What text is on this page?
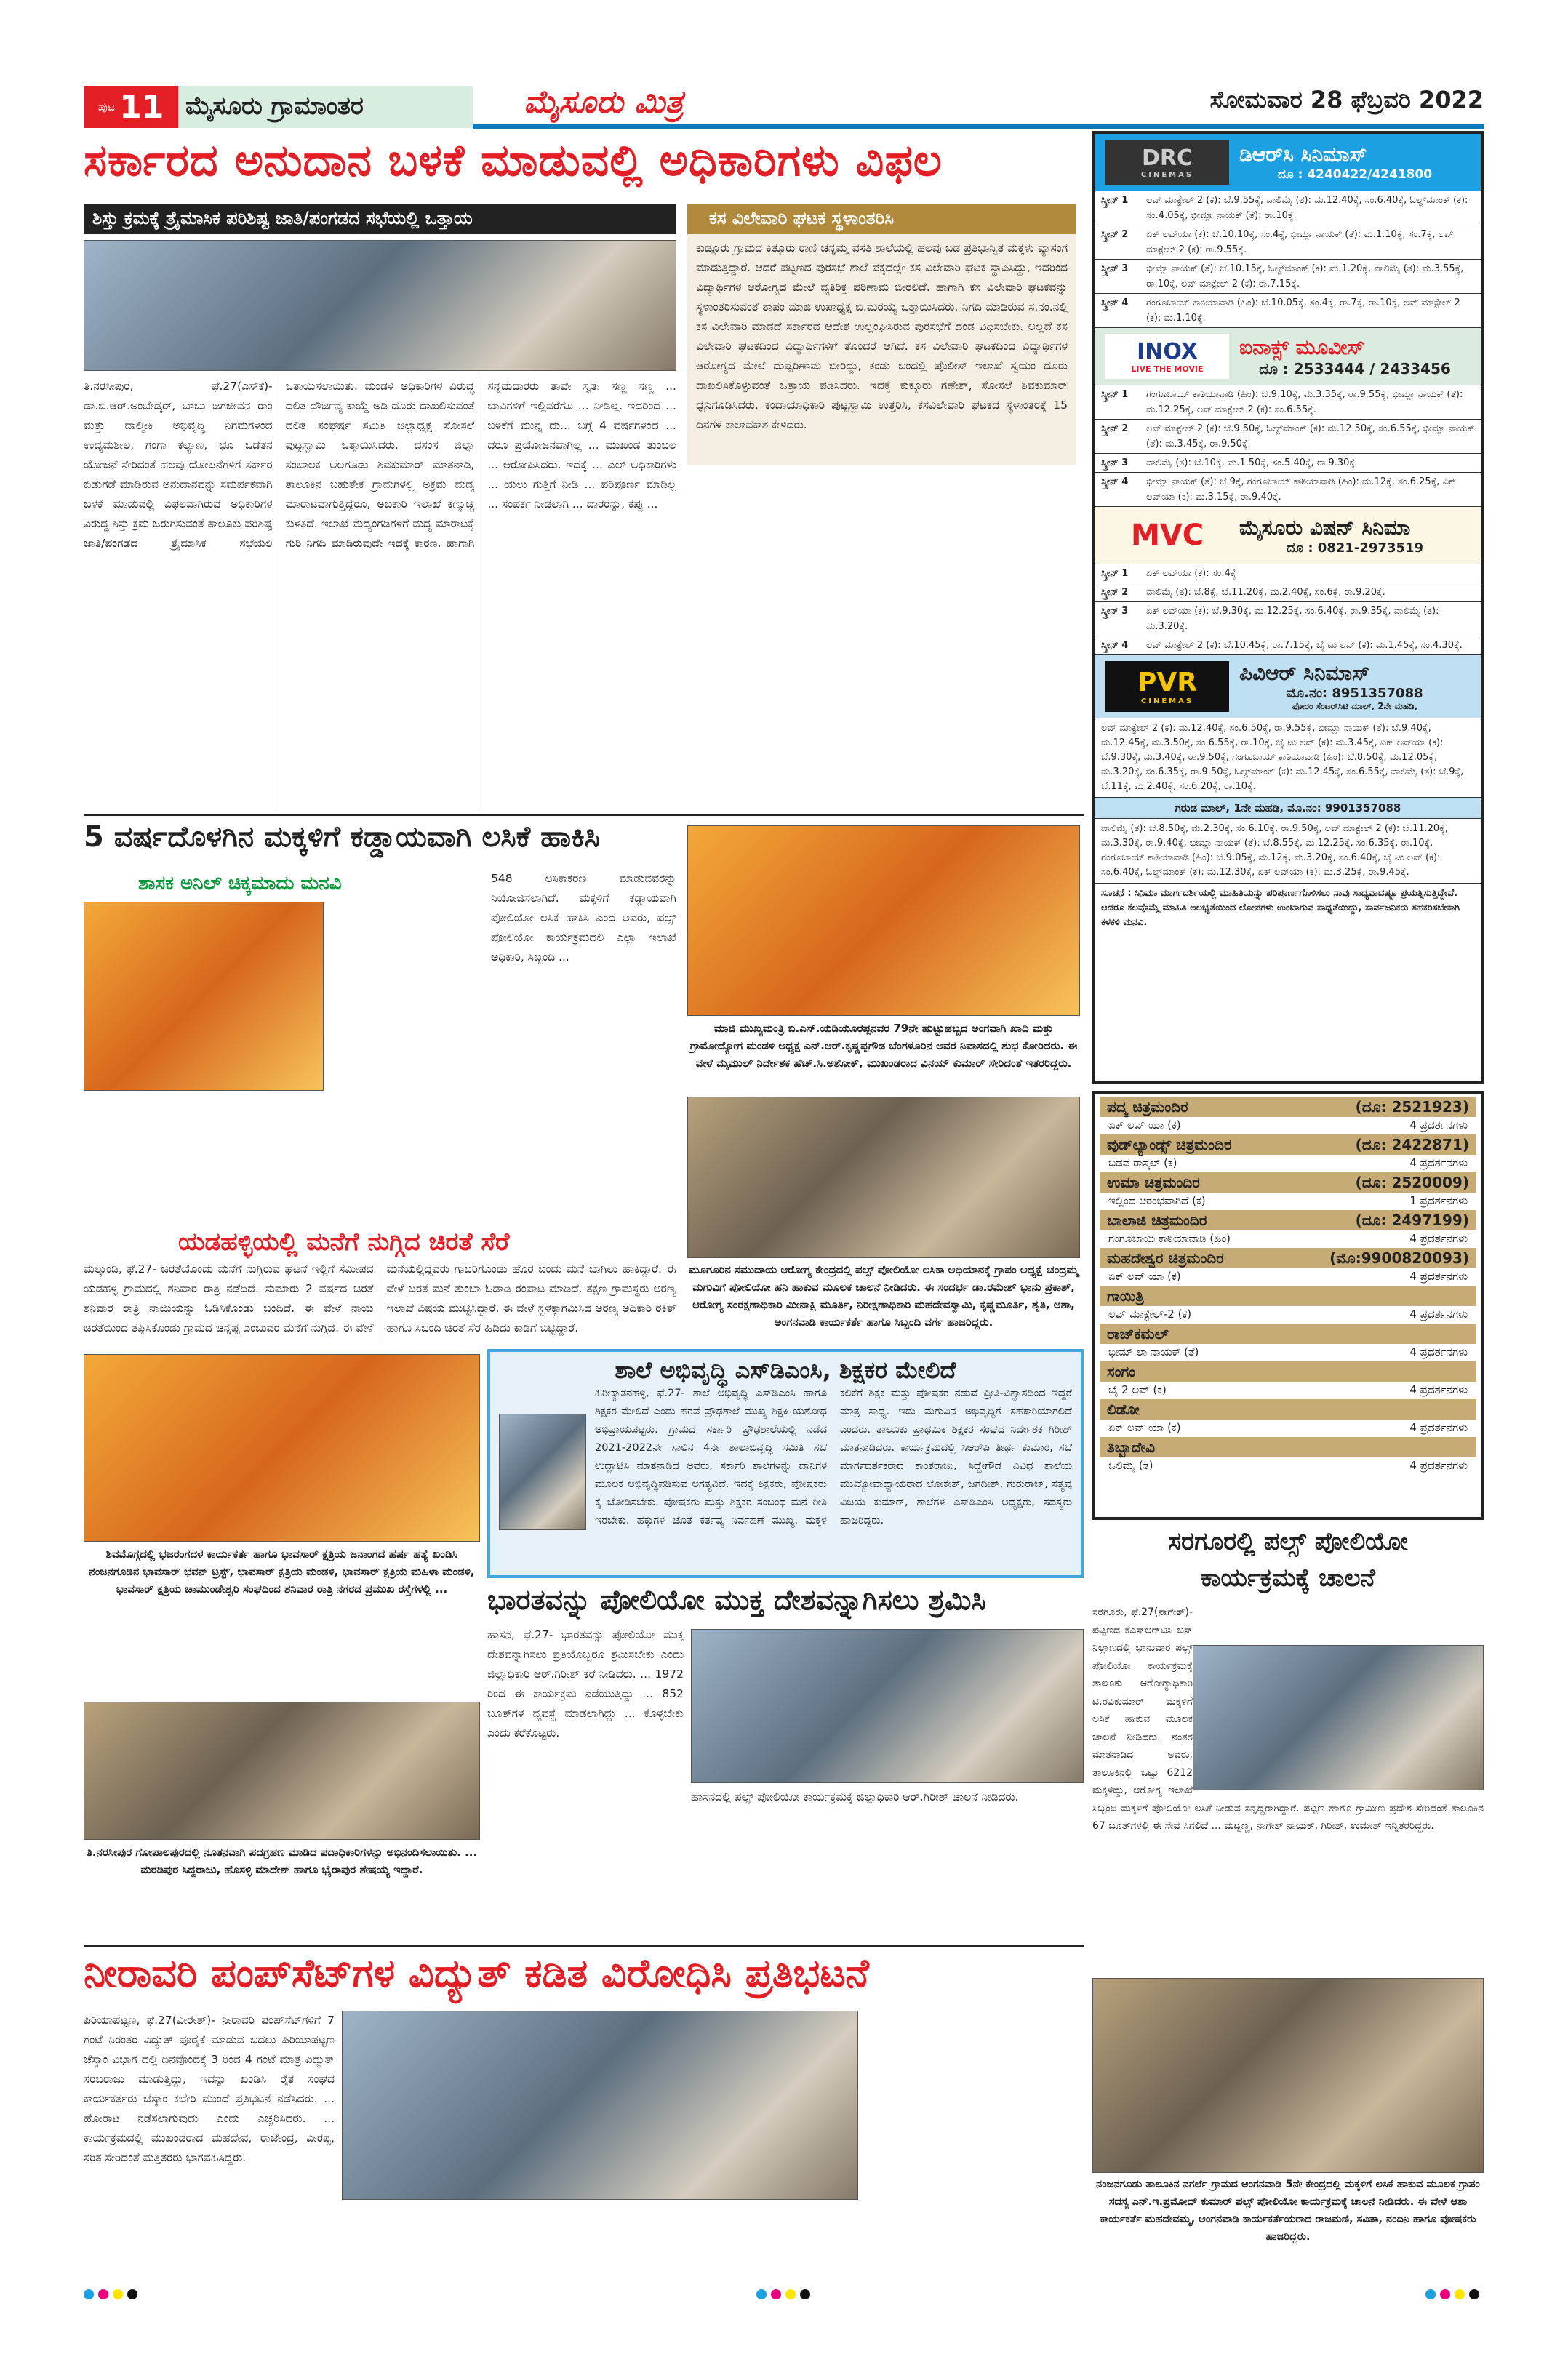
ಪುಟ 11 ಮೈಸೂರು ಗ್ರಾಮಾಂತರ	ಮೈಸೂರು ಮಿತ್ರ	ಸೋಮವಾರ 28 ಫೆಬ್ರವರಿ 2022
ಸರ್ಕಾರದ ಅನುದಾನ ಬಳಕೆ ಮಾಡುವಲ್ಲಿ ಅಧಿಕಾರಿಗಳು ವಿಫಲ
ಶಿಸ್ತು ಕ್ರಮಕ್ಕೆ ತ್ರೈಮಾಸಿಕ ಪರಿಶಿಷ್ಟ ಜಾತಿ/ಪಂಗಡದ ಸಭೆಯಲ್ಲಿ ಒತ್ತಾಯ
ತಿ.ನರಸೀಪುರ, ಫೆ.27(ಎಸ್‌ಕೆ)- ಡಾ.ಬಿ.ಆರ್.ಅಂಬೇಡ್ಕರ್, ಬಾಬು ಜಗಜೀವನ ರಾಂ ಮತ್ತು ವಾಲ್ಮೀಕಿ ಅಭಿವೃದ್ಧಿ ನಿಗಮಗಳಿಂದ ಉದ್ಯಮಶೀಲ, ಗಂಗಾ ಕಲ್ಯಾಣ, ಭೂ ಒಡೆತನ ಯೋಜನೆ ಸೇರಿದಂತೆ ಹಲವು ಯೋಜನೆಗಳಿಗೆ ಸರ್ಕಾರ ಬಿಡುಗಡೆ ಮಾಡಿರುವ ಅನುದಾನವನ್ನು ಸಮರ್ಪಕವಾಗಿ ಬಳಕೆ ಮಾಡುವಲ್ಲಿ ವಿಫಲವಾಗಿರುವ ಅಧಿಕಾರಿಗಳ ವಿರುದ್ಧ ಶಿಸ್ತು ಕ್ರಮ ಜರುಗಿಸುವಂತೆ ತಾಲೂಕು ಪರಿಶಿಷ್ಟ ಜಾತಿ/ಪಂಗಡದ ತ್ರೈಮಾಸಿಕ ಸಭೆಯಲಿ ಒತಾಯಿಸಲಾಯಿತು. ಮಂಡಳಿ ಅಧಿಕಾರಿಗಳ ವಿರುದ್ಧ ದಲಿತ ದೌರ್ಜನ್ಯ ಕಾಯ್ದೆ ಅಡಿ ದೂರು ದಾಖಲಿಸುವಂತೆ ದಲಿತ ಸಂಘರ್ಷ ಸಮಿತಿ ಜಿಲ್ಲಾಧ್ಯಕ್ಷ ಸೋಸಲೆ ಪುಟ್ಟಸ್ವಾಮಿ ಒತ್ತಾಯಿಸಿದರು. ದಸಂಸ ಜಿಲ್ಲಾ ಸಂಚಾಲಕ ಅಲಗೂಡು ಶಿವಕುಮಾರ್ ಮಾತನಾಡಿ, ತಾಲೂಕಿನ ಬಹುತೇಕ ಗ್ರಾಮಗಳಲ್ಲಿ ಅಕ್ರಮ ಮದ್ಯ ಮಾರಾಟವಾಗುತ್ತಿದ್ದರೂ, ಅಬಕಾರಿ ಇಲಾಖೆ ಕಣ್ಮುಚ್ಚಿ ಕುಳಿತಿದೆ. ಇಲಾಖೆ ಮದ್ಯಂಗಡಿಗಳಿಗೆ ಮದ್ಯ ಮಾರಾಟಕ್ಕೆ ಗುರಿ ನಿಗದಿ ಮಾಡಿರುವುದೇ ಇದಕ್ಕೆ ಕಾರಣ. ಹಾಗಾಗಿ ಸನ್ನದುದಾರರು ತಾವೇ ಸ್ವತಃ ಸಣ್ಣ ಸಣ್ಣ ... ಬಾವಿಗಳಿಗೆ ಇಲ್ಲಿವರೆಗೂ ... ನೀಡಿಲ್ಲ. ಇದರಿಂದ ... ಬಳಕೆಗೆ ಮುನ್ನ ದು... ಬಗ್ಗೆ 4 ವರ್ಷಗಳಿಂದ ... ದರೂ ಪ್ರಯೋಜನವಾಗಿಲ್ಲ ... ಮುಖಂಡ ತುಂಬಲ ... ಆರೋಪಿಸಿದರು. ಇದಕ್ಕೆ ... ಎಲ್ ಅಧಿಕಾರಿಗಳು ... ಯಲು ಗುತ್ತಿಗೆ ನೀಡಿ ... ಪರಿಪೂರ್ಣ ಮಾಡಿಲ್ಲ ... ಸಂಪರ್ಕ ನೀಡಲಾಗಿ ... ದಾರರನ್ನು, ಕಪ್ಪು ...
ಕಸ ವಿಲೇವಾರಿ ಘಟಕ ಸ್ಥಳಾಂತರಿಸಿ
ಕುಡ್ಲೂರು ಗ್ರಾಮದ ಕಿತ್ತೂರು ರಾಣಿ ಚನ್ನಮ್ಮ ವಸತಿ ಶಾಲೆಯಲ್ಲಿ ಹಲವು ಬಡ ಪ್ರತಿಭಾನ್ವಿತ ಮಕ್ಕಳು ವ್ಯಾಸಂಗ ಮಾಡುತ್ತಿದ್ದಾರೆ. ಆದರೆ ಪಟ್ಟಣದ ಪುರಸಭೆ ಶಾಲೆ ಪಕ್ಕದಲ್ಲೇ ಕಸ ವಿಲೇವಾರಿ ಘಟಕ ಸ್ಥಾಪಿಸಿದ್ದು, ಇದರಿಂದ ವಿದ್ಯಾರ್ಥಿಗಳ ಆರೋಗ್ಯದ ಮೇಲೆ ವ್ಯತಿರಿಕ್ತ ಪರಿಣಾಮ ಬೀರಲಿದೆ. ಹಾಗಾಗಿ ಕಸ ವಿಲೇವಾರಿ ಘಟಕವನ್ನು ಸ್ಥಳಾಂತರಿಸುವಂತೆ ತಾಪಂ ಮಾಜಿ ಉಪಾಧ್ಯಕ್ಷ ಬಿ.ಮರಯ್ಯ ಒತ್ತಾಯಿಸಿದರು. ನಿಗದಿ ಮಾಡಿರುವ ಸ.ನಂ.ನಲ್ಲಿ ಕಸ ವಿಲೇವಾರಿ ಮಾಡದೆ ಸರ್ಕಾರದ ಆದೇಶ ಉಲ್ಲಂಘಿಸಿರುವ ಪುರಸಭೆಗೆ ದಂಡ ವಿಧಿಸಬೇಕು. ಅಲ್ಲದೆ ಕಸ ವಿಲೇವಾರಿ ಘಟಕದಿಂದ ವಿದ್ಯಾರ್ಥಿಗಳಿಗೆ ತೊಂದರೆ ಆಗಿದೆ. ಕಸ ವಿಲೇವಾರಿ ಘಟಕದಿಂದ ವಿದ್ಯಾರ್ಥಿಗಳ ಆರೋಗ್ಯದ ಮೇಲೆ ದುಷ್ಪರಿಣಾಮ ಬೀರಿದ್ದು, ಕಂಡು ಬಂದಲ್ಲಿ ಪೊಲೀಸ್ ಇಲಾಖೆ ಸ್ವಯಂ ದೂರು ದಾಖಲಿಸಿಕೊಳ್ಳುವಂತೆ ಒತ್ತಾಯ ಪಡಿಸಿದರು. ಇದಕ್ಕೆ ಕುಕ್ಕೂರು ಗಣೇಶ್, ಸೋಸಲೆ ಶಿವಕುಮಾರ್ ಧ್ವನಿಗೂಡಿಸಿದರು. ಕಂದಾಯಾಧಿಕಾರಿ ಪುಟ್ಟಸ್ವಾಮಿ ಉತ್ತರಿಸಿ, ಕಸವಿಲೇವಾರಿ ಘಟಕದ ಸ್ಥಳಾಂತರಕ್ಕೆ 15 ದಿನಗಳ ಕಾಲಾವಕಾಶ ಕೇಳಿದರು.
5 ವರ್ಷದೊಳಗಿನ ಮಕ್ಕಳಿಗೆ ಕಡ್ಡಾಯವಾಗಿ ಲಸಿಕೆ ಹಾಕಿಸಿ
ಶಾಸಕ ಅನಿಲ್ ಚಿಕ್ಕಮಾದು ಮನವಿ	548 ಲಸಿಕಾಕರಣ ಮಾಡುವವರನ್ನು ನಿಯೋಜಿಸಲಾಗಿದೆ. ಮಕ್ಕಳಿಗೆ ಕಡ್ಡಾಯವಾಗಿ ಪೋಲಿಯೋ ಲಸಿಕೆ ಹಾಕಿಸಿ ಎಂದ ಅವರು, ಪಲ್ಸ್ ಪೋಲಿಯೋ ಕಾರ್ಯಕ್ರಮದಲಿ ಎಲ್ಲಾ ಇಲಾಖೆ ಅಧಿಕಾರಿ, ಸಿಬ್ಬಂದಿ ...
ಮಾಜಿ ಮುಖ್ಯಮಂತ್ರಿ ಬಿ.ಎಸ್.ಯಡಿಯೂರಪ್ಪನವರ 79ನೇ ಹುಟ್ಟುಹಬ್ಬದ ಅಂಗವಾಗಿ ಖಾದಿ ಮತ್ತು ಗ್ರಾಮೋದ್ಯೋಗ ಮಂಡಳಿ ಅಧ್ಯಕ್ಷ ಎನ್.ಆರ್.ಕೃಷ್ಣಪ್ಪಗೌಡ ಬೆಂಗಳೂರಿನ ಅವರ ನಿವಾಸದಲ್ಲಿ ಶುಭ ಕೋರಿದರು. ಈ ವೇಳೆ ಮೈಮುಲ್ ನಿರ್ದೇಶಕ ಹೆಚ್.ಸಿ.ಅಶೋಕ್, ಮುಖಂಡರಾದ ವಿನಯ್ ಕುಮಾರ್ ಸೇರಿದಂತೆ ಇತರರಿದ್ದರು.
ಮೂಗೂರಿನ ಸಮುದಾಯ ಆರೋಗ್ಯ ಕೇಂದ್ರದಲ್ಲಿ ಪಲ್ಸ್ ಪೋಲಿಯೋ ಲಸಿಕಾ ಅಭಿಯಾನಕ್ಕೆ ಗ್ರಾಪಂ ಅಧ್ಯಕ್ಷೆ ಚಂದ್ರಮ್ಮ ಮಗುವಿಗೆ ಪೋಲಿಯೋ ಹನಿ ಹಾಕುವ ಮೂಲಕ ಚಾಲನೆ ನೀಡಿದರು. ಈ ಸಂದರ್ಭ ಡಾ.ರಮೇಶ್ ಭಾನು ಪ್ರಕಾಶ್, ಆರೋಗ್ಯ ಸಂರಕ್ಷಣಾಧಿಕಾರಿ ಮೀನಾಕ್ಷಿ ಮೂರ್ತಿ, ನಿರೀಕ್ಷಣಾಧಿಕಾರಿ ಮಹದೇವಸ್ವಾಮಿ, ಕೃಷ್ಣಮೂರ್ತಿ, ಶೃತಿ, ಆಶಾ, ಅಂಗನವಾಡಿ ಕಾರ್ಯಕರ್ತೆ ಹಾಗೂ ಸಿಬ್ಬಂದಿ ವರ್ಗ ಹಾಜರಿದ್ದರು.
ಯಡಹಳ್ಳಿಯಲ್ಲಿ ಮನೆಗೆ ನುಗ್ಗಿದ ಚಿರತೆ ಸೆರೆ
ಮಲ್ಕುಂಡಿ, ಫೆ.27- ಚಿರತೆಯೊಂದು ಮನೆಗೆ ನುಗ್ಗಿರುವ ಘಟನೆ ಇಲ್ಲಿಗೆ ಸಮೀಪದ ಯಡಹಳ್ಳಿ ಗ್ರಾಮದಲ್ಲಿ ಶನಿವಾರ ರಾತ್ರಿ ನಡೆದಿದೆ. ಸುಮಾರು 2 ವರ್ಷದ ಚಿರತೆ ಶನಿವಾರ ರಾತ್ರಿ ನಾಯಿಯನ್ನು ಓಡಿಸಿಕೊಂಡು ಬಂದಿದೆ. ಈ ವೇಳೆ ನಾಯಿ ಚಿರತೆಯಿಂದ ತಪ್ಪಿಸಿಕೊಂಡು ಗ್ರಾಮದ ಚನ್ನಪ್ಪ ಎಂಬುವರ ಮನೆಗೆ ನುಗ್ಗಿದೆ. ಈ ವೇಳೆ ಮನೆಯಲ್ಲಿದ್ದವರು ಗಾಬರಿಗೊಂಡು ಹೊರ ಬಂದು ಮನೆ ಬಾಗಿಲು ಹಾಕಿದ್ದಾರೆ. ಈ ವೇಳೆ ಚಿರತೆ ಮನೆ ತುಂಬಾ ಓಡಾಡಿ ರಂಪಾಟ ಮಾಡಿದೆ. ತಕ್ಷಣ ಗ್ರಾಮಸ್ಥರು ಅರಣ್ಯ ಇಲಾಖೆ ವಿಷಯ ಮುಟ್ಟಿಸಿದ್ದಾರೆ. ಈ ವೇಳೆ ಸ್ಥಳಕ್ಕಾಗಮಿಸಿದ ಅರಣ್ಯ ಅಧಿಕಾರಿ ರಕಿತ್ ಹಾಗೂ ಸಿಬಂದಿ ಚಿರತೆ ಸೆರೆ ಹಿಡಿದು ಕಾಡಿಗೆ ಬಿಟ್ಟಿದ್ದಾರೆ.
ಶಿವಮೊಗ್ಗದಲ್ಲಿ ಭಜರಂಗದಳ ಕಾರ್ಯಕರ್ತ ಹಾಗೂ ಭಾವಸಾರ್ ಕ್ಷತ್ರಿಯ ಜನಾಂಗದ ಹರ್ಷ ಹತ್ಯೆ ಖಂಡಿಸಿ ನಂಜನಗೂಡಿನ ಭಾವಸಾರ್ ಭವನ್ ಟ್ರಸ್ಟ್, ಭಾವಸಾರ್ ಕ್ಷತ್ರಿಯ ಮಂಡಳಿ, ಭಾವಸಾರ್ ಕ್ಷತ್ರಿಯ ಮಹಿಳಾ ಮಂಡಳಿ, ಭಾವಸಾರ್ ಕ್ಷತ್ರಿಯ ಚಾಮುಂಡೇಶ್ವರಿ ಸಂಘದಿಂದ ಶನಿವಾರ ರಾತ್ರಿ ನಗರದ ಪ್ರಮುಖ ರಸ್ತೆಗಳಲ್ಲಿ ...
ತಿ.ನರಸೀಪುರ ಗೋಪಾಲಪುರದಲ್ಲಿ ನೂತನವಾಗಿ ಪದಗ್ರಹಣ ಮಾಡಿದ ಪದಾಧಿಕಾರಿಗಳನ್ನು ಅಭಿನಂದಿಸಲಾಯಿತು. ... ಮರಡಿಪುರ ಸಿದ್ದರಾಜು, ಹೊಸಳ್ಳಿ ಮಾದೇಶ್ ಹಾಗೂ ಭೈರಾಪುರ ಶೇಷಯ್ಯ ಇದ್ದಾರೆ.
ಶಾಲೆ ಅಭಿವೃದ್ಧಿ ಎಸ್‌ಡಿಎಂಸಿ, ಶಿಕ್ಷಕರ ಮೇಲಿದೆ
ಹಿರೀಕ್ಯಾತನಹಳ್ಳಿ, ಫೆ.27- ಶಾಲೆ ಅಭಿವೃದ್ಧಿ ಎಸ್‌ಡಿಎಂಸಿ ಹಾಗೂ ಶಿಕ್ಷಕರ ಮೇಲಿದೆ ಎಂದು ಹರವೆ ಪ್ರೌಢಶಾಲೆ ಮುಖ್ಯ ಶಿಕ್ಷಕಿ ಯಶೋಧ ಅಭಿಪ್ರಾಯಪಟ್ಟರು. ಗ್ರಾಮದ ಸರ್ಕಾರಿ ಪ್ರೌಢಶಾಲೆಯಲ್ಲಿ ನಡೆದ 2021-2022ನೇ ಸಾಲಿನ 4ನೇ ಶಾಲಾಭಿವೃದ್ಧಿ ಸಮಿತಿ ಸಭೆ ಉದ್ಘಾಟಿಸಿ ಮಾತನಾಡಿದ ಅವರು, ಸರ್ಕಾರಿ ಶಾಲೆಗಳನ್ನು ದಾನಿಗಳ ಮೂಲಕ ಅಭಿವೃದ್ಧಿಪಡಿಸುವ ಅಗತ್ಯವಿದೆ. ಇದಕ್ಕೆ ಶಿಕ್ಷಕರು, ಪೋಷಕರು ಕೈ ಜೋಡಿಸಬೇಕು. ಪೋಷಕರು ಮತ್ತು ಶಿಕ್ಷಕರ ಸಂಬಂಧ ಮನೆ ರೀತಿ ಇರಬೇಕು. ಹಕ್ಕುಗಳ ಜೊತೆ ಕರ್ತವ್ಯ ನಿರ್ವಹಣೆ ಮುಖ್ಯ. ಮಕ್ಕಳ ಕಲಿಕೆಗೆ ಶಿಕ್ಷಕ ಮತ್ತು ಪೋಷಕರ ನಡುವೆ ಪ್ರೀತಿ-ವಿಶ್ವಾಸದಿಂದ ಇದ್ದರೆ ಮಾತ್ರ ಸಾಧ್ಯ. ಇದು ಮಗುವಿನ ಅಭಿವೃದ್ಧಿಗೆ ಸಹಕಾರಿಯಾಗಲಿದೆ ಎಂದರು. ತಾಲೂಕು ಪ್ರಾಥಮಿಕ ಶಿಕ್ಷಕರ ಸಂಘದ ನಿರ್ದೇಶಕ ಗಿರೀಶ್ ಮಾತನಾಡಿದರು. ಕಾರ್ಯಕ್ರಮದಲ್ಲಿ ಸಿಆರ್‌ಪಿ ತೀರ್ಥ ಕುಮಾರ, ಸಭೆ ಮಾರ್ಗದರ್ಶಕರಾದ ಕಾಂತರಾಜು, ಸಿದ್ದೇಗೌಡ ವಿವಿಧ ಶಾಲೆಯ ಮುಖ್ಯೋಪಾಧ್ಯಾಯರಾದ ಲೋಕೇಶ್, ಜಗದೀಶ್, ಗುರುರಾಜ್, ಸತ್ಯಪ್ಪ ವಿಜಯ ಕುಮಾರ್, ಶಾಲೆಗಳ ಎಸ್‌ಡಿಎಂಸಿ ಅಧ್ಯಕ್ಷರು, ಸದಸ್ಯರು ಹಾಜರಿದ್ದರು.
ಭಾರತವನ್ನು ಪೋಲಿಯೋ ಮುಕ್ತ ದೇಶವನ್ನಾಗಿಸಲು ಶ್ರಮಿಸಿ
ಹಾಸನ, ಫೆ.27- ಭಾರತವನ್ನು ಪೋಲಿಯೋ ಮುಕ್ತ ದೇಶವನ್ನಾಗಿಸಲು ಪ್ರತಿಯೊಬ್ಬರೂ ಶ್ರಮಿಸಬೇಕು ಎಂದು ಜಿಲ್ಲಾಧಿಕಾರಿ ಆರ್.ಗಿರೀಶ್ ಕರೆ ನೀಡಿದರು. ... 1972 ರಿಂದ ಈ ಕಾರ್ಯಕ್ರಮ ನಡೆಯುತ್ತಿದ್ದು ... 852 ಬೂತ್‌ಗಳ ವ್ಯವಸ್ಥೆ ಮಾಡಲಾಗಿದ್ದು ... ಕೊಳ್ಳಬೇಕು ಎಂದು ಕರೆಕೊಟ್ಟರು.
ಹಾಸನದಲ್ಲಿ ಪಲ್ಸ್ ಪೋಲಿಯೋ ಕಾರ್ಯಕ್ರಮಕ್ಕೆ ಜಿಲ್ಲಾಧಿಕಾರಿ ಆರ್.ಗಿರೀಶ್ ಚಾಲನೆ ನೀಡಿದರು.
ನೀರಾವರಿ ಪಂಪ್‌ಸೆಟ್‌ಗಳ ವಿದ್ಯುತ್ ಕಡಿತ ವಿರೋಧಿಸಿ ಪ್ರತಿಭಟನೆ
ಪಿರಿಯಾಪಟ್ಟಣ, ಫೆ.27(ವೀರೇಶ್)- ನೀರಾವರಿ ಪಂಪ್‌ಸೆಟ್‌ಗಳಿಗೆ 7 ಗಂಟೆ ನಿರಂತರ ವಿದ್ಯುತ್ ಪೂರೈಕೆ ಮಾಡುವ ಬದಲು ಪಿರಿಯಾಪಟ್ಟಣ ಚೆಸ್ಕಾಂ ವಿಭಾಗ ದಲ್ಲಿ ದಿನವೊಂದಕ್ಕೆ 3 ರಿಂದ 4 ಗಂಟೆ ಮಾತ್ರ ವಿದ್ಯುತ್ ಸರಬರಾಜು ಮಾಡುತ್ತಿದ್ದು, ಇದನ್ನು ಖಂಡಿಸಿ ರೈತ ಸಂಘದ ಕಾರ್ಯಕರ್ತರು ಚೆಸ್ಕಾಂ ಕಚೇರಿ ಮುಂದೆ ಪ್ರತಿಭಟನೆ ನಡೆಸಿದರು. ... ಹೋರಾಟ ನಡೆಸಲಾಗುವುದು ಎಂದು ಎಚ್ಚರಿಸಿದರು. ... ಕಾರ್ಯಕ್ರಮದಲ್ಲಿ ಮುಖಂಡರಾದ ಮಹದೇವ, ರಾಜೇಂದ್ರ, ವೀರಪ್ಪ, ಸರಿತ ಸೇರಿದಂತೆ ಮತ್ತಿತರರು ಭಾಗವಹಿಸಿದ್ದರು.
DRC
CINEMAS
ಡಿಆರ್‌ಸಿ ಸಿನಿಮಾಸ್
ದೂ : 4240422/4241800
ಸ್ಕ್ರೀನ್ 1	ಲವ್ ಮಾಕ್ಟೇಲ್ 2 (ಕ): ಬೆ.9.55ಕ್ಕೆ, ವಾಲಿಮೈ (ತ): ಮ.12.40ಕ್ಕೆ, ಸಂ.6.40ಕ್ಕೆ, ಓಲ್ಡ್‌ಮಾಂಕ್ (ಕ): ಸಂ.4.05ಕ್ಕೆ, ಭೀಮ್ಲಾ ನಾಯಕ್ (ತೆ): ರಾ.10ಕ್ಕೆ.
ಸ್ಕ್ರೀನ್ 2	ಏಕ್ ಲವ್‌ಯಾ (ಕ): ಬೆ.10.10ಕ್ಕೆ, ಸಂ.4ಕ್ಕೆ, ಭೀಮ್ಲಾ ನಾಯಕ್ (ತೆ): ಮ.1.10ಕ್ಕೆ, ಸಂ.7ಕ್ಕೆ, ಲವ್ ಮಾಕ್ಟೇಲ್ 2 (ಕ): ರಾ.9.55ಕ್ಕೆ.
ಸ್ಕ್ರೀನ್ 3	ಭೀಮ್ಲಾ ನಾಯಕ್ (ತೆ): ಬೆ.10.15ಕ್ಕೆ, ಓಲ್ಡ್‌ಮಾಂಕ್ (ಕ): ಮ.1.20ಕ್ಕೆ, ವಾಲಿಮೈ (ತ): ಮ.3.55ಕ್ಕೆ, ರಾ.10ಕ್ಕೆ, ಲವ್ ಮಾಕ್ಟೇಲ್ 2 (ಕ): ರಾ.7.15ಕ್ಕೆ.
ಸ್ಕ್ರೀನ್ 4	ಗಂಗೂಬಾಯ್ ಕಾಠಿಯಾವಾಡಿ (ಹಿಂ): ಬೆ.10.05ಕ್ಕೆ, ಸಂ.4ಕ್ಕೆ, ರಾ.7ಕ್ಕೆ, ರಾ.10ಕ್ಕೆ, ಲವ್ ಮಾಕ್ಟೇಲ್ 2 (ಕ): ಮ.1.10ಕ್ಕೆ.
INOX
LIVE THE MOVIE
ಐನಾಕ್ಸ್ ಮೂವೀಸ್
ದೂ : 2533444 / 2433456
ಸ್ಕ್ರೀನ್ 1	ಗಂಗೂಬಾಯ್ ಕಾಠಿಯಾವಾಡಿ (ಹಿಂ): ಬೆ.9.10ಕ್ಕೆ, ಮ.3.35ಕ್ಕೆ, ರಾ.9.55ಕ್ಕೆ, ಭೀಮ್ಲಾ ನಾಯಕ್ (ತೆ): ಮ.12.25ಕ್ಕೆ, ಲವ್ ಮಾಕ್ಟೇಲ್ 2 (ಕ): ಸಂ.6.55ಕ್ಕೆ.
ಸ್ಕ್ರೀನ್ 2	ಲವ್ ಮಾಕ್ಟೇಲ್ 2 (ಕ): ಬೆ.9.50ಕ್ಕೆ, ಓಲ್ಡ್‌ಮಾಂಕ್ (ಕ): ಮ.12.50ಕ್ಕೆ, ಸಂ.6.55ಕ್ಕೆ, ಭೀಮ್ಲಾ ನಾಯಕ್ (ತೆ): ಮ.3.45ಕ್ಕೆ, ರಾ.9.50ಕ್ಕೆ.
ಸ್ಕ್ರೀನ್ 3	ವಾಲಿಮೈ (ತ): ಬೆ.10ಕ್ಕೆ, ಮ.1.50ಕ್ಕೆ, ಸಂ.5.40ಕ್ಕೆ, ರಾ.9.30ಕ್ಕೆ
ಸ್ಕ್ರೀನ್ 4	ಭೀಮ್ಲಾ ನಾಯಕ್ (ತೆ): ಬೆ.9ಕ್ಕೆ, ಗಂಗೂಬಾಯ್ ಕಾಠಿಯಾವಾಡಿ (ಹಿಂ): ಮ.12ಕ್ಕೆ, ಸಂ.6.25ಕ್ಕೆ, ಏಕ್ ಲವ್‌ಯಾ (ಕ): ಮ.3.15ಕ್ಕೆ, ರಾ.9.40ಕ್ಕೆ.
MVC	ಮೈಸೂರು ವಿಷನ್ ಸಿನಿಮಾ
ದೂ : 0821-2973519
ಸ್ಕ್ರೀನ್ 1	ಏಕ್ ಲವ್‌ಯಾ (ಕ): ಸಂ.4ಕ್ಕೆ
ಸ್ಕ್ರೀನ್ 2	ವಾಲಿಮೈ (ತ): ಬೆ.8ಕ್ಕೆ, ಬೆ.11.20ಕ್ಕೆ, ಮ.2.40ಕ್ಕೆ, ಸಂ.6ಕ್ಕೆ, ರಾ.9.20ಕ್ಕೆ.
ಸ್ಕ್ರೀನ್ 3	ಏಕ್ ಲವ್‌ಯಾ (ಕ): ಬೆ.9.30ಕ್ಕೆ, ಮ.12.25ಕ್ಕೆ, ಸಂ.6.40ಕ್ಕೆ, ರಾ.9.35ಕ್ಕೆ, ವಾಲಿಮೈ (ತ): ಮ.3.20ಕ್ಕೆ.
ಸ್ಕ್ರೀನ್ 4	ಲವ್ ಮಾಕ್ಟೇಲ್ 2 (ಕ): ಬೆ.10.45ಕ್ಕೆ, ರಾ.7.15ಕ್ಕೆ, ಬೈ ಟು ಲವ್ (ಕ): ಮ.1.45ಕ್ಕೆ, ಸಂ.4.30ಕ್ಕೆ.
PVR
CINEMAS
ಪಿವಿಆರ್ ಸಿನಿಮಾಸ್
ಮೊ.ನಂ: 8951357088
ಫೋರಂ ಸೆಂಟರ್‌ಸಿಟಿ ಮಾಲ್, 2ನೇ ಮಹಡಿ,
ಲವ್ ಮಾಕ್ಟೇಲ್ 2 (ಕ): ಮ.12.40ಕ್ಕೆ, ಸಂ.6.50ಕ್ಕೆ, ರಾ.9.55ಕ್ಕೆ, ಭೀಮ್ಲಾ ನಾಯಕ್ (ತೆ): ಬೆ.9.40ಕ್ಕೆ, ಮ.12.45ಕ್ಕೆ, ಮ.3.50ಕ್ಕೆ, ಸಂ.6.55ಕ್ಕೆ, ರಾ.10ಕ್ಕೆ, ಬೈ ಟು ಲವ್ (ಕ): ಮ.3.45ಕ್ಕೆ, ಏಕ್ ಲವ್‌ಯಾ (ಕ): ಬೆ.9.30ಕ್ಕೆ, ಮ.3.40ಕ್ಕೆ, ರಾ.9.50ಕ್ಕೆ, ಗಂಗೂಬಾಯ್ ಕಾಠಿಯಾವಾಡಿ (ಹಿಂ): ಬೆ.8.50ಕ್ಕೆ, ಮ.12.05ಕ್ಕೆ, ಮ.3.20ಕ್ಕೆ, ಸಂ.6.35ಕ್ಕೆ, ರಾ.9.50ಕ್ಕೆ, ಓಲ್ಡ್‌ಮಾಂಕ್ (ಕ): ಮ.12.45ಕ್ಕೆ, ಸಂ.6.55ಕ್ಕೆ, ವಾಲಿಮೈ (ತ): ಬೆ.9ಕ್ಕೆ, ಬೆ.11ಕ್ಕೆ, ಮ.2.40ಕ್ಕೆ, ಸಂ.6.20ಕ್ಕೆ, ರಾ.10ಕ್ಕೆ.
ಗರುಡ ಮಾಲ್, 1ನೇ ಮಹಡಿ, ಮೊ.ನಂ: 9901357088
ವಾಲಿಮೈ (ತ): ಬೆ.8.50ಕ್ಕೆ, ಮ.2.30ಕ್ಕೆ, ಸಂ.6.10ಕ್ಕೆ, ರಾ.9.50ಕ್ಕೆ, ಲವ್ ಮಾಕ್ಟೇಲ್ 2 (ಕ): ಬೆ.11.20ಕ್ಕೆ, ಮ.3.30ಕ್ಕೆ, ರಾ.9.40ಕ್ಕೆ, ಭೀಮ್ಲಾ ನಾಯಕ್ (ತೆ): ಬೆ.8.55ಕ್ಕೆ, ಮ.12.25ಕ್ಕೆ, ಸಂ.6.35ಕ್ಕೆ, ರಾ.10ಕ್ಕೆ, ಗಂಗೂಬಾಯ್ ಕಾಠಿಯಾವಾಡಿ (ಹಿಂ): ಬೆ.9.05ಕ್ಕೆ, ಮ.12ಕ್ಕೆ, ಮ.3.20ಕ್ಕೆ, ಸಂ.6.40ಕ್ಕೆ, ಬೈ ಟು ಲವ್ (ಕ): ಸಂ.6.40ಕ್ಕೆ, ಓಲ್ಡ್‌ಮಾಂಕ್ (ಕ): ಮ.12.30ಕ್ಕೆ, ಏಕ್ ಲವ್‌ಯಾ (ಕ): ಮ.3.25ಕ್ಕೆ, ರಾ.9.45ಕ್ಕೆ.
ಸೂಚನೆ : ಸಿನಿಮಾ ಮಾರ್ಗದರ್ಶಿಯಲ್ಲಿ ಮಾಹಿತಿಯನ್ನು ಪರಿಪೂರ್ಣಗೊಳಿಸಲು ನಾವು ಸಾಧ್ಯವಾದಷ್ಟೂ ಪ್ರಯತ್ನಿಸುತ್ತಿದ್ದೇವೆ. ಆದರೂ ಕೆಲವೊಮ್ಮೆ ಮಾಹಿತಿ ಅಲಭ್ಯತೆಯಿಂದ ಲೋಪಗಳು ಉಂಟಾಗುವ ಸಾಧ್ಯತೆಯಿದ್ದು, ಸಾರ್ವಜನಿಕರು ಸಹಕರಿಸಬೇಕಾಗಿ ಕಳಕಳಿ ಮನವಿ.
ಪದ್ಮ ಚಿತ್ರಮಂದಿರ	(ದೂ: 2521923)
ಏಕ್ ಲವ್ ಯಾ (ಕ)	4 ಪ್ರದರ್ಶನಗಳು
ವುಡ್‌ಲ್ಯಾಂಡ್ಸ್ ಚಿತ್ರಮಂದಿರ	(ದೂ: 2422871)
ಬಡವ ರಾಸ್ಕಲ್ (ಕ)	4 ಪ್ರದರ್ಶನಗಳು
ಉಮಾ ಚಿತ್ರಮಂದಿರ	(ದೂ: 2520009)
ಇಲ್ಲಿಂದ ಆರಂಭವಾಗಿದೆ (ಕ)	1 ಪ್ರದರ್ಶನಗಳು
ಬಾಲಾಜಿ ಚಿತ್ರಮಂದಿರ	(ದೂ: 2497199)
ಗಂಗೂಬಾಯಿ ಕಾಠಿಯಾವಾಡಿ (ಹಿಂ)	4 ಪ್ರದರ್ಶನಗಳು
ಮಹದೇಶ್ವರ ಚಿತ್ರಮಂದಿರ	(ಮೊ:9900820093)
ಏಕ್ ಲವ್ ಯಾ (ಕ)	4 ಪ್ರದರ್ಶನಗಳು
ಗಾಯಿತ್ರಿ
ಲವ್ ಮಾಕ್ಟೇಲ್-2 (ಕ)	4 ಪ್ರದರ್ಶನಗಳು
ರಾಜ್‌ಕಮಲ್
ಭೀಮ್ ಲಾ ನಾಯಕ್ (ತೆ)	4 ಪ್ರದರ್ಶನಗಳು
ಸಂಗಂ
ಬೈ 2 ಲವ್ (ಕ)	4 ಪ್ರದರ್ಶನಗಳು
ಲಿಡೋ
ಏಕ್ ಲವ್ ಯಾ (ಕ)	4 ಪ್ರದರ್ಶನಗಳು
ತಿಬ್ಬಾದೇವಿ
ಒಲಿಮೈ (ತ)	4 ಪ್ರದರ್ಶನಗಳು
ಸರಗೂರಲ್ಲಿ ಪಲ್ಸ್ ಪೋಲಿಯೋ
ಕಾರ್ಯಕ್ರಮಕ್ಕೆ ಚಾಲನೆ
ಸರಗೂರು, ಫೆ.27(ನಾಗೇಶ್)- ಪಟ್ಟಣದ ಕೆಎಸ್‌ಆರ್‌ಟಿಸಿ ಬಸ್ ನಿಲ್ದಾಣದಲ್ಲಿ ಭಾನುವಾರ ಪಲ್ಸ್ ಪೋಲಿಯೋ ಕಾರ್ಯಕ್ರಮಕ್ಕೆ ತಾಲೂಕು ಆರೋಗ್ಯಾಧಿಕಾರಿ ಟಿ.ರವಿಕುಮಾರ್ ಮಕ್ಕಳಿಗೆ ಲಸಿಕೆ ಹಾಕುವ ಮೂಲಕ ಚಾಲನೆ ನೀಡಿದರು. ನಂತರ ಮಾತನಾಡಿದ ಅವರು, ತಾಲೂಕಿನಲ್ಲಿ ಒಟ್ಟು 6212 ಮಕ್ಕಳಿದ್ದು, ಆರೋಗ್ಯ ಇಲಾಖೆ ಸಿಬ್ಬಂದಿ ಮಕ್ಕಳಿಗೆ ಪೋಲಿಯೋ ಲಸಿಕೆ ನೀಡುವ ಸನ್ನದ್ಧರಾಗಿದ್ದಾರೆ. ಪಟ್ಟಣ ಹಾಗೂ ಗ್ರಾಮೀಣ ಪ್ರದೇಶ ಸೇರಿದಂತೆ ತಾಲೂಕಿನ 67 ಬೂತ್‌ಗಳಲ್ಲಿ ಈ ಸೇವೆ ಸಿಗಲಿದೆ ... ಮಟ್ಟಣ್ಣ, ನಾಗೇಶ್ ನಾಯಕ್, ಗಿರೀಶ್, ಉಮೇಶ್ ಇನ್ನಿತರರಿದ್ದರು.
ನಂಜನಗೂಡು ತಾಲೂಕಿನ ನಗರ್ಲೆ ಗ್ರಾಮದ ಅಂಗನವಾಡಿ 5ನೇ ಕೇಂದ್ರದಲ್ಲಿ ಮಕ್ಕಳಿಗೆ ಲಸಿಕೆ ಹಾಕುವ ಮೂಲಕ ಗ್ರಾಪಂ ಸದಸ್ಯ ಎನ್.ಇ.ಪ್ರಮೋದ್ ಕುಮಾರ್ ಪಲ್ಸ್ ಪೋಲಿಯೋ ಕಾರ್ಯಕ್ರಮಕ್ಕೆ ಚಾಲನೆ ನೀಡಿದರು. ಈ ವೇಳೆ ಆಶಾ ಕಾರ್ಯಕರ್ತೆ ಮಹದೇವಮ್ಮ, ಅಂಗನವಾಡಿ ಕಾರ್ಯಕರ್ತೆಯರಾದ ರಾಜಮಣಿ, ಸವಿತಾ, ನಂದಿನಿ ಹಾಗೂ ಪೋಷಕರು ಹಾಜರಿದ್ದರು.
